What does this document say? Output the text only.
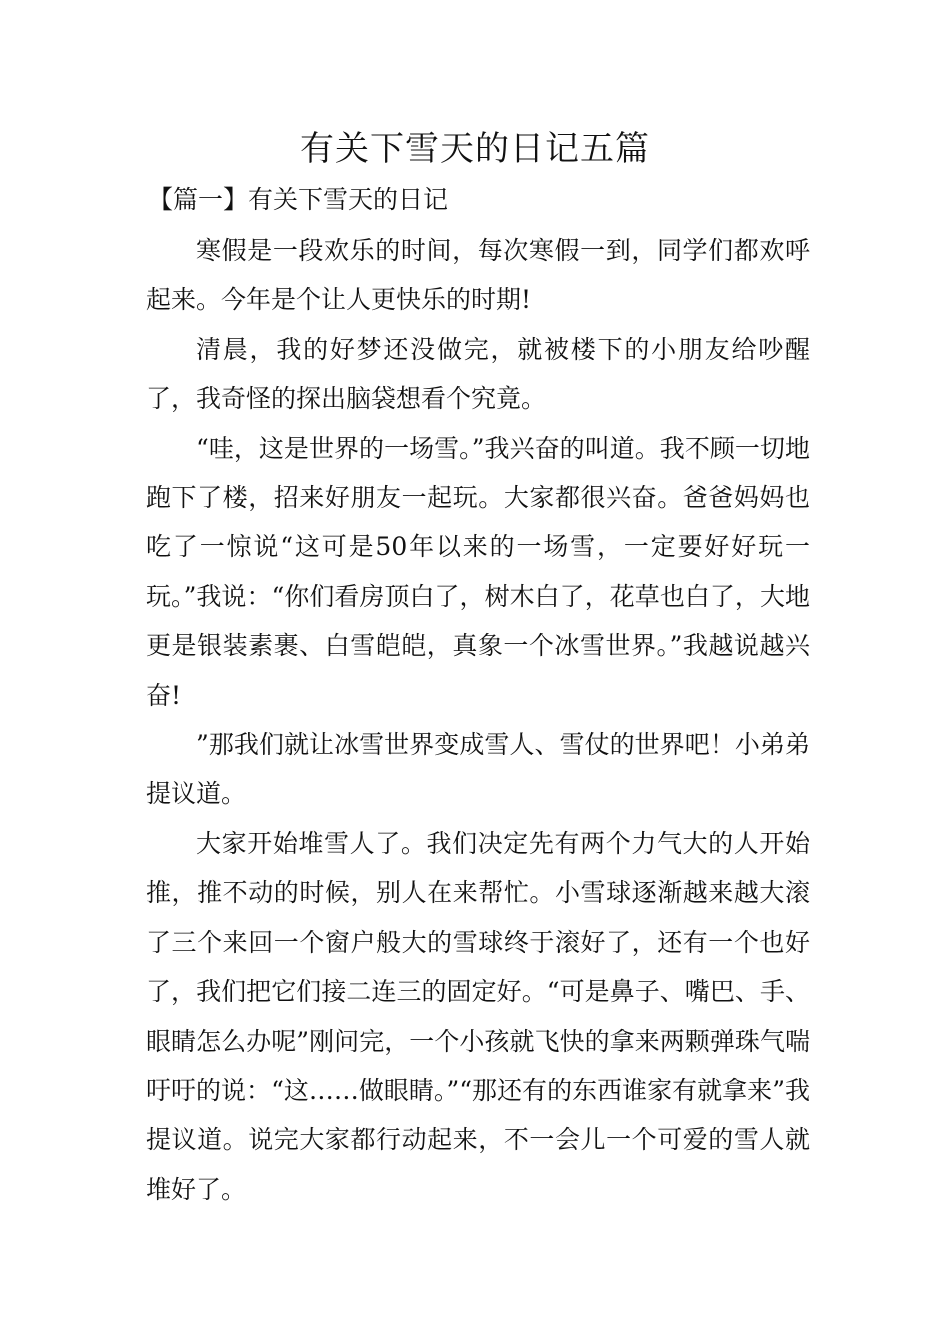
有关下雪天的日记五篇
【篇一】有关下雪天的日记

寒假是一段欢乐的时间，每次寒假一到，同学们都欢呼起来。今年是个让人更快乐的时期!

清晨，我的好梦还没做完，就被楼下的小朋友给吵醒了，我奇怪的探出脑袋想看个究竟。

“哇，这是世界的一场雪。”我兴奋的叫道。我不顾一切地跑下了楼，招来好朋友一起玩。大家都很兴奋。爸爸妈妈也吃了一惊说“这可是50年以来的一场雪，一定要好好玩一玩。”我说：“你们看房顶白了，树木白了，花草也白了，大地更是银装素裹、白雪皑皑，真象一个冰雪世界。”我越说越兴奋!

”那我们就让冰雪世界变成雪人、雪仗的世界吧！小弟弟提议道。

大家开始堆雪人了。我们决定先有两个力气大的人开始推，推不动的时候，别人在来帮忙。小雪球逐渐越来越大滚了三个来回一个窗户般大的雪球终于滚好了，还有一个也好了，我们把它们接二连三的固定好。“可是鼻子、嘴巴、手、眼睛怎么办呢”刚问完，一个小孩就飞快的拿来两颗弹珠气喘吁吁的说：“这……做眼睛。”“那还有的东西谁家有就拿来”我提议道。说完大家都行动起来，不一会儿一个可爱的雪人就堆好了。
